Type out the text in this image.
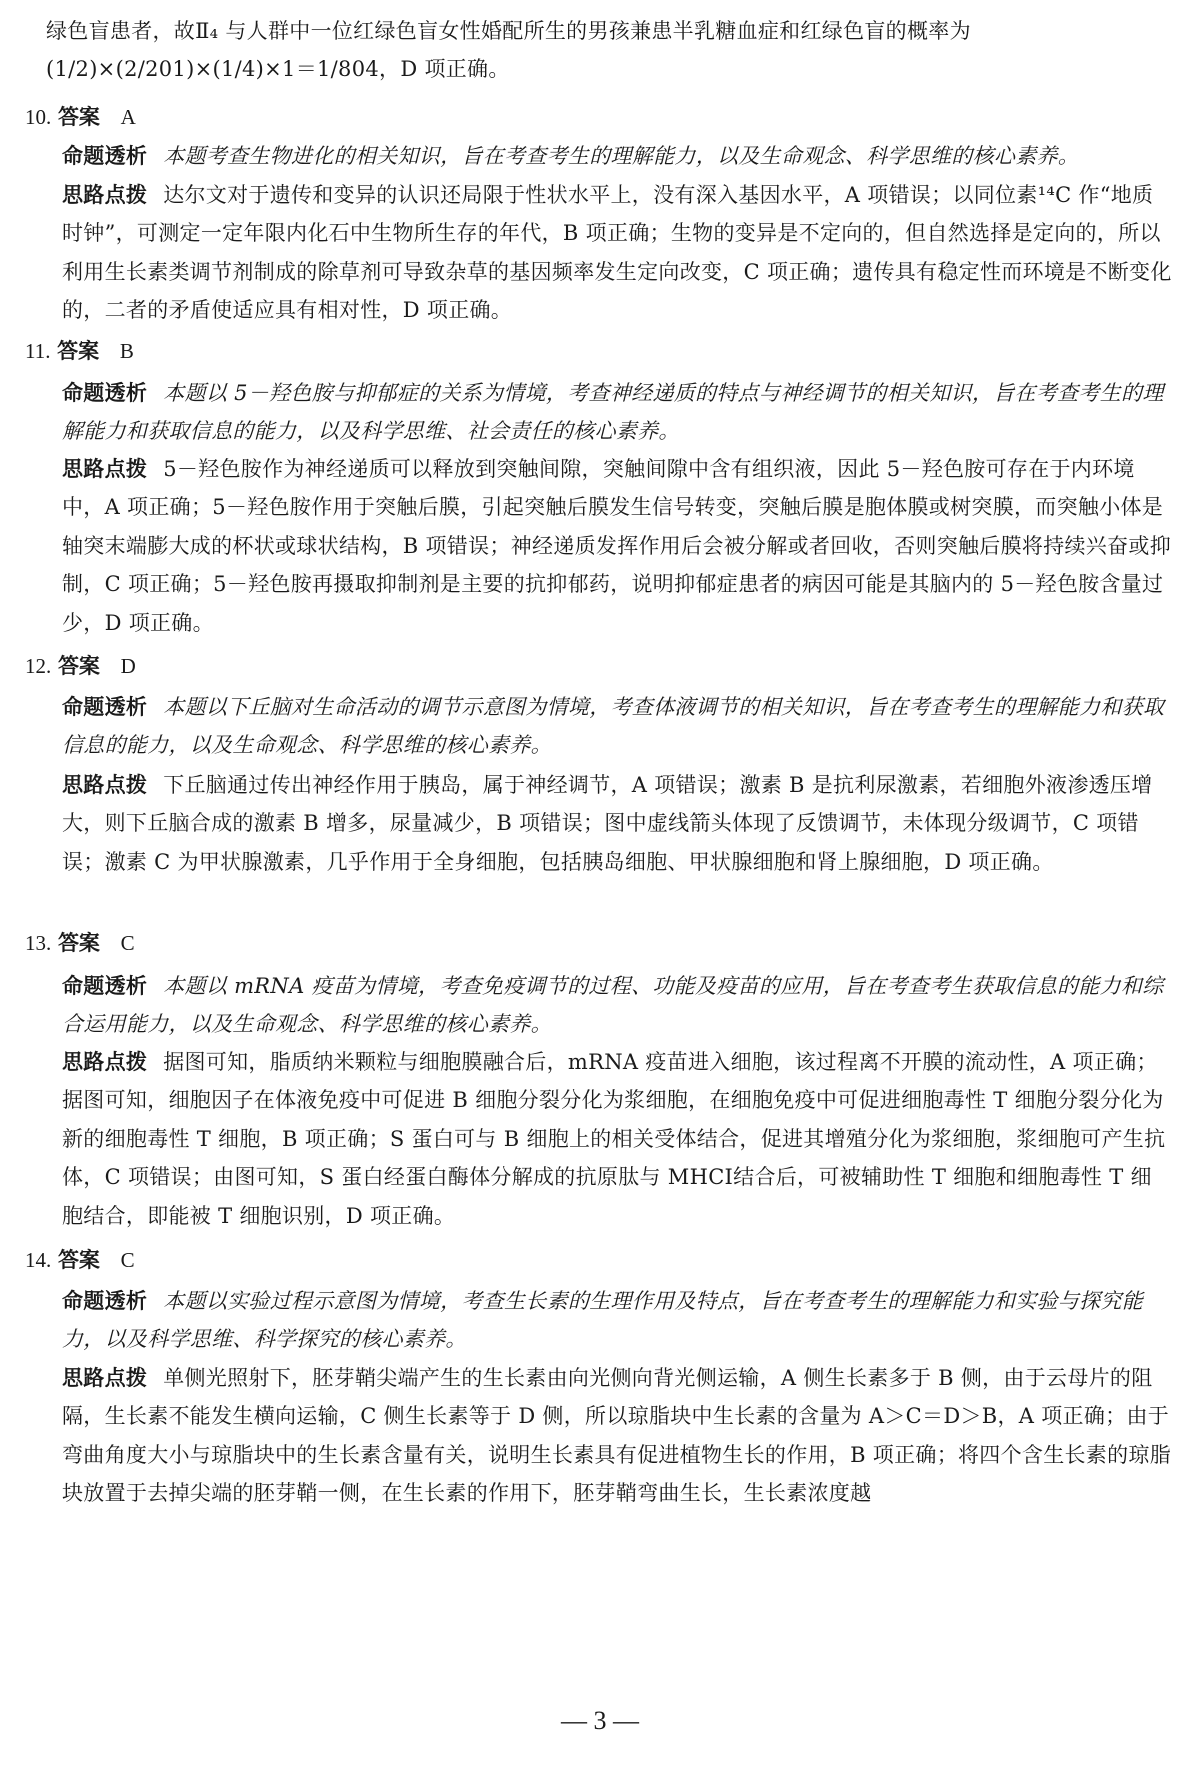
绿色盲患者，故Ⅱ₄ 与人群中一位红绿色盲女性婚配所生的男孩兼患半乳糖血症和红绿色盲的概率为(1/2)×(2/201)×(1/4)×1＝1/804，D 项正确。

10. 答案 A

命题透析 本题考查生物进化的相关知识，旨在考查考生的理解能力，以及生命观念、科学思维的核心素养。

思路点拨 达尔文对于遗传和变异的认识还局限于性状水平上，没有深入基因水平，A 项错误；以同位素¹⁴C 作“地质时钟”，可测定一定年限内化石中生物所生存的年代，B 项正确；生物的变异是不定向的，但自然选择是定向的，所以利用生长素类调节剂制成的除草剂可导致杂草的基因频率发生定向改变，C 项正确；遗传具有稳定性而环境是不断变化的，二者的矛盾使适应具有相对性，D 项正确。

11. 答案 B

命题透析 本题以 5－羟色胺与抑郁症的关系为情境，考查神经递质的特点与神经调节的相关知识，旨在考查考生的理解能力和获取信息的能力，以及科学思维、社会责任的核心素养。

思路点拨 5－羟色胺作为神经递质可以释放到突触间隙，突触间隙中含有组织液，因此 5－羟色胺可存在于内环境中，A 项正确；5－羟色胺作用于突触后膜，引起突触后膜发生信号转变，突触后膜是胞体膜或树突膜，而突触小体是轴突末端膨大成的杯状或球状结构，B 项错误；神经递质发挥作用后会被分解或者回收，否则突触后膜将持续兴奋或抑制，C 项正确；5－羟色胺再摄取抑制剂是主要的抗抑郁药，说明抑郁症患者的病因可能是其脑内的 5－羟色胺含量过少，D 项正确。

12. 答案 D

命题透析 本题以下丘脑对生命活动的调节示意图为情境，考查体液调节的相关知识，旨在考查考生的理解能力和获取信息的能力，以及生命观念、科学思维的核心素养。

思路点拨 下丘脑通过传出神经作用于胰岛，属于神经调节，A 项错误；激素 B 是抗利尿激素，若细胞外液渗透压增大，则下丘脑合成的激素 B 增多，尿量减少，B 项错误；图中虚线箭头体现了反馈调节，未体现分级调节，C 项错误；激素 C 为甲状腺激素，几乎作用于全身细胞，包括胰岛细胞、甲状腺细胞和肾上腺细胞，D 项正确。

13. 答案 C

命题透析 本题以 mRNA 疫苗为情境，考查免疫调节的过程、功能及疫苗的应用，旨在考查考生获取信息的能力和综合运用能力，以及生命观念、科学思维的核心素养。

思路点拨 据图可知，脂质纳米颗粒与细胞膜融合后，mRNA 疫苗进入细胞，该过程离不开膜的流动性，A 项正确；据图可知，细胞因子在体液免疫中可促进 B 细胞分裂分化为浆细胞，在细胞免疫中可促进细胞毒性 T 细胞分裂分化为新的细胞毒性 T 细胞，B 项正确；S 蛋白可与 B 细胞上的相关受体结合，促进其增殖分化为浆细胞，浆细胞可产生抗体，C 项错误；由图可知，S 蛋白经蛋白酶体分解成的抗原肽与 MHCⅠ结合后，可被辅助性 T 细胞和细胞毒性 T 细胞结合，即能被 T 细胞识别，D 项正确。

14. 答案 C

命题透析 本题以实验过程示意图为情境，考查生长素的生理作用及特点，旨在考查考生的理解能力和实验与探究能力，以及科学思维、科学探究的核心素养。

思路点拨 单侧光照射下，胚芽鞘尖端产生的生长素由向光侧向背光侧运输，A 侧生长素多于 B 侧，由于云母片的阻隔，生长素不能发生横向运输，C 侧生长素等于 D 侧，所以琼脂块中生长素的含量为 A＞C＝D＞B，A 项正确；由于弯曲角度大小与琼脂块中的生长素含量有关，说明生长素具有促进植物生长的作用，B 项正确；将四个含生长素的琼脂块放置于去掉尖端的胚芽鞘一侧，在生长素的作用下，胚芽鞘弯曲生长，生长素浓度越

— 3 —
